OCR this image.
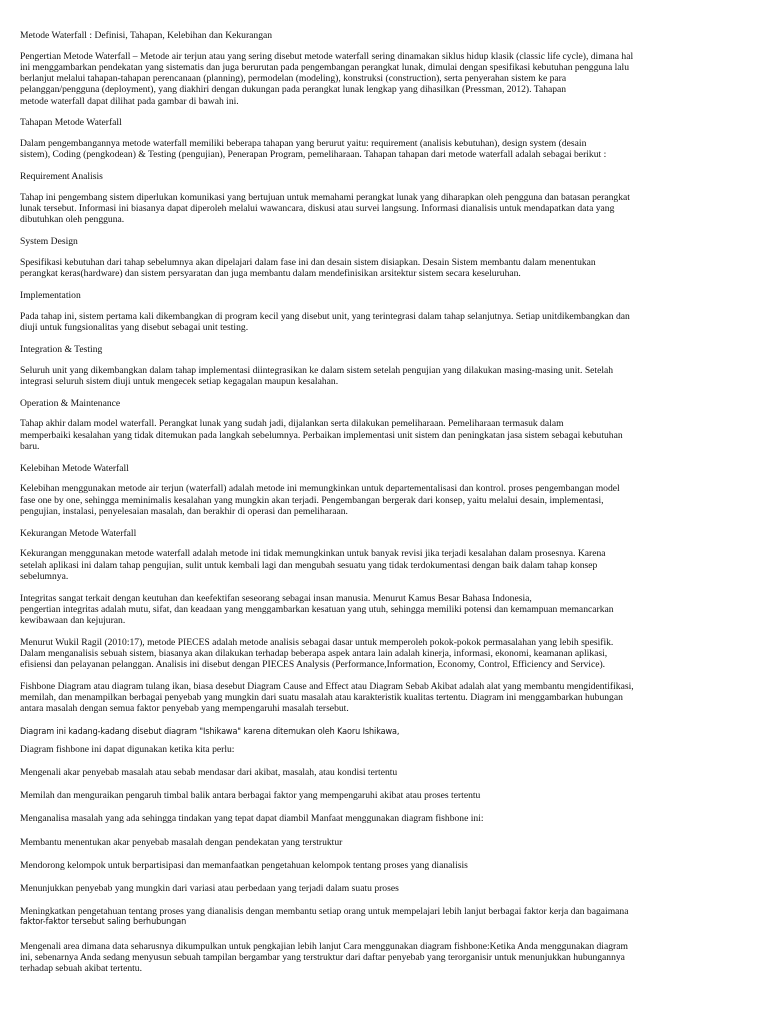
Metode Waterfall : Definisi, Tahapan, Kelebihan dan Kekurangan

Pengertian Metode Waterfall – Metode air terjun atau yang sering disebut metode waterfall sering dinamakan siklus hidup klasik (classic life cycle), dimana hal
ini menggambarkan pendekatan yang sistematis dan juga berurutan pada pengembangan perangkat lunak, dimulai dengan spesifikasi kebutuhan pengguna lalu
berlanjut melalui tahapan-tahapan perencanaan (planning), permodelan (modeling), konstruksi (construction), serta penyerahan sistem ke para
pelanggan/pengguna (deployment), yang diakhiri dengan dukungan pada perangkat lunak lengkap yang dihasilkan (Pressman, 2012). Tahapan
metode waterfall dapat dilihat pada gambar di bawah ini.

Tahapan Metode Waterfall

Dalam pengembangannya metode waterfall memiliki beberapa tahapan yang berurut yaitu: requirement (analisis kebutuhan), design system (desain
sistem), Coding (pengkodean) & Testing (pengujian), Penerapan Program, pemeliharaan. Tahapan tahapan dari metode waterfall adalah sebagai berikut :

Requirement Analisis

Tahap ini pengembang sistem diperlukan komunikasi yang bertujuan untuk memahami perangkat lunak yang diharapkan oleh pengguna dan batasan perangkat
lunak tersebut. Informasi ini biasanya dapat diperoleh melalui wawancara, diskusi atau survei langsung. Informasi dianalisis untuk mendapatkan data yang
dibutuhkan oleh pengguna.

System Design

Spesifikasi kebutuhan dari tahap sebelumnya akan dipelajari dalam fase ini dan desain sistem disiapkan. Desain Sistem membantu dalam menentukan
perangkat keras(hardware) dan sistem persyaratan dan juga membantu dalam mendefinisikan arsitektur sistem secara keseluruhan.

Implementation

Pada tahap ini, sistem pertama kali dikembangkan di program kecil yang disebut unit, yang terintegrasi dalam tahap selanjutnya. Setiap unitdikembangkan dan
diuji untuk fungsionalitas yang disebut sebagai unit testing.

Integration & Testing

Seluruh unit yang dikembangkan dalam tahap implementasi diintegrasikan ke dalam sistem setelah pengujian yang dilakukan masing-masing unit. Setelah
integrasi seluruh sistem diuji untuk mengecek setiap kegagalan maupun kesalahan.

Operation & Maintenance

Tahap akhir dalam model waterfall. Perangkat lunak yang sudah jadi, dijalankan serta dilakukan pemeliharaan. Pemeliharaan termasuk dalam
memperbaiki kesalahan yang tidak ditemukan pada langkah sebelumnya. Perbaikan implementasi unit sistem dan peningkatan jasa sistem sebagai kebutuhan
baru.

Kelebihan Metode Waterfall

Kelebihan menggunakan metode air terjun (waterfall) adalah metode ini memungkinkan untuk departementalisasi dan kontrol. proses pengembangan model
fase one by one, sehingga meminimalis kesalahan yang mungkin akan terjadi. Pengembangan bergerak dari konsep, yaitu melalui desain, implementasi,
pengujian, instalasi, penyelesaian masalah, dan berakhir di operasi dan pemeliharaan.

Kekurangan Metode Waterfall

Kekurangan menggunakan metode waterfall adalah metode ini tidak memungkinkan untuk banyak revisi jika terjadi kesalahan dalam prosesnya. Karena
setelah aplikasi ini dalam tahap pengujian, sulit untuk kembali lagi dan mengubah sesuatu yang tidak terdokumentasi dengan baik dalam tahap konsep
sebelumnya.

Integritas sangat terkait dengan keutuhan dan keefektifan seseorang sebagai insan manusia. Menurut Kamus Besar Bahasa Indonesia,
pengertian integritas adalah mutu, sifat, dan keadaan yang menggambarkan kesatuan yang utuh, sehingga memiliki potensi dan kemampuan memancarkan
kewibawaan dan kejujuran.

Menurut Wukil Ragil (2010:17), metode PIECES adalah metode analisis sebagai dasar untuk memperoleh pokok-pokok permasalahan yang lebih spesifik.
Dalam menganalisis sebuah sistem, biasanya akan dilakukan terhadap beberapa aspek antara lain adalah kinerja, informasi, ekonomi, keamanan aplikasi,
efisiensi dan pelayanan pelanggan. Analisis ini disebut dengan PIECES Analysis (Performance,Information, Economy, Control, Efficiency and Service).

Fishbone Diagram atau diagram tulang ikan, biasa desebut Diagram Cause and Effect atau Diagram Sebab Akibat adalah alat yang membantu mengidentifikasi,
memilah, dan menampilkan berbagai penyebab yang mungkin dari suatu masalah atau karakteristik kualitas tertentu. Diagram ini menggambarkan hubungan
antara masalah dengan semua faktor penyebab yang mempengaruhi masalah tersebut.

Diagram ini kadang-kadang disebut diagram "Ishikawa" karena ditemukan oleh Kaoru Ishikawa,

Diagram fishbone ini dapat digunakan ketika kita perlu:

Mengenali akar penyebab masalah atau sebab mendasar dari akibat, masalah, atau kondisi tertentu

Memilah dan menguraikan pengaruh timbal balik antara berbagai faktor yang mempengaruhi akibat atau proses tertentu

Menganalisa masalah yang ada sehingga tindakan yang tepat dapat diambil Manfaat menggunakan diagram fishbone ini:

Membantu menentukan akar penyebab masalah dengan pendekatan yang terstruktur

Mendorong kelompok untuk berpartisipasi dan memanfaatkan pengetahuan kelompok tentang proses yang dianalisis

Menunjukkan penyebab yang mungkin dari variasi atau perbedaan yang terjadi dalam suatu proses

Meningkatkan pengetahuan tentang proses yang dianalisis dengan membantu setiap orang untuk mempelajari lebih lanjut berbagai faktor kerja dan bagaimana

faktor-faktor tersebut saling berhubungan

Mengenali area dimana data seharusnya dikumpulkan untuk pengkajian lebih lanjut Cara menggunakan diagram fishbone:Ketika Anda menggunakan diagram
ini, sebenarnya Anda sedang menyusun sebuah tampilan bergambar yang terstruktur dari daftar penyebab yang terorganisir untuk menunjukkan hubungannya
terhadap sebuah akibat tertentu.
